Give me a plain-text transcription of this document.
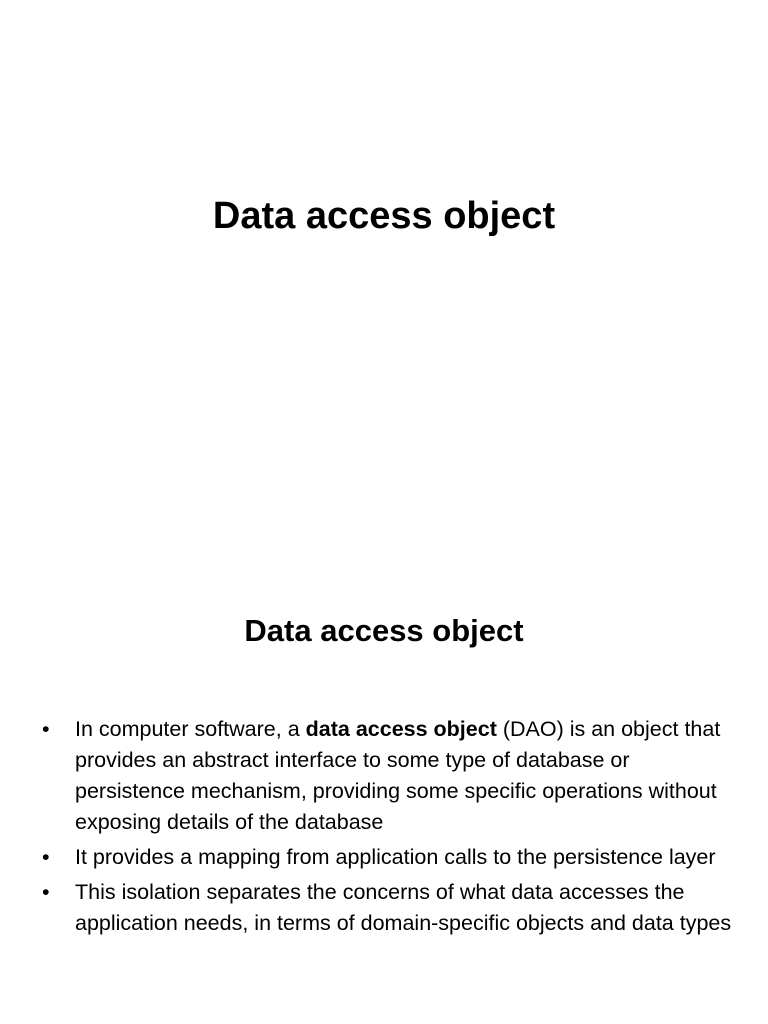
Data access object
Data access object
•	In computer software, a data access object (DAO) is an object that provides an abstract interface to some type of database or persistence mechanism, providing some specific operations without exposing details of the database
•	It provides a mapping from application calls to the persistence layer
•	This isolation separates the concerns of what data accesses the application needs, in terms of domain-specific objects and data types
